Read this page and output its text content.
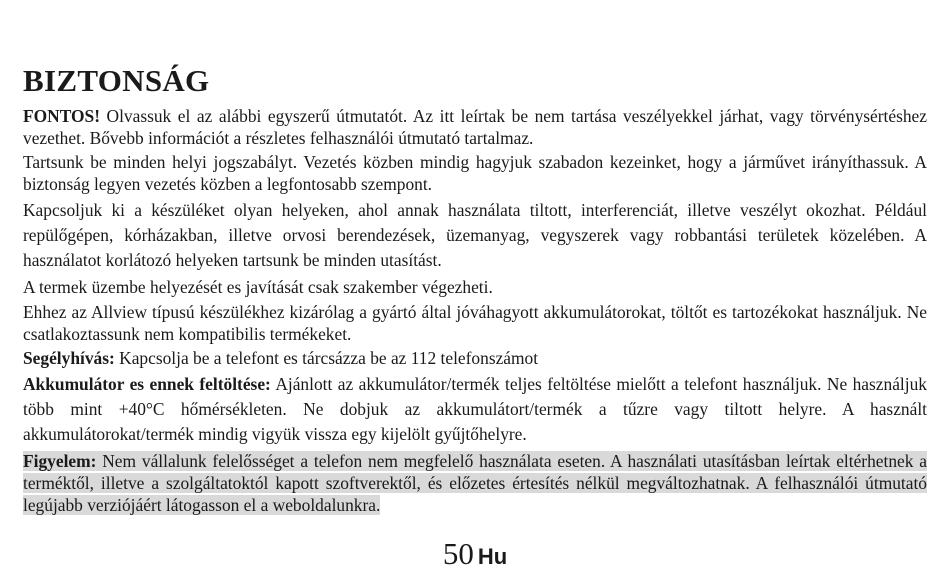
BIZTONSÁG

FONTOS! Olvassuk el az alábbi egyszerű útmutatót. Az itt leírtak be nem tartása veszélyekkel járhat, vagy törvénysértéshez vezethet. Bővebb információt a részletes felhasználói útmutató tartalmaz.

Tartsunk be minden helyi jogszabályt. Vezetés közben mindig hagyjuk szabadon kezeinket, hogy a járművet irányíthassuk. A biztonság legyen vezetés közben a legfontosabb szempont.

Kapcsoljuk ki a készüléket olyan helyeken, ahol annak használata tiltott, interferenciát, illetve veszélyt okozhat. Például repülőgépen, kórházakban, illetve orvosi berendezések, üzemanyag, vegyszerek vagy robbantási területek közelében. A használatot korlátozó helyeken tartsunk be minden utasítást.

A termek üzembe helyezését es javítását csak szakember végezheti.

Ehhez az Allview típusú készülékhez kizárólag a gyártó által jóváhagyott akkumulátorokat, töltőt es tartozékokat használjuk. Ne csatlakoztassunk nem kompatibilis termékeket.

Segélyhívás: Kapcsolja be a telefont es tárcsázza be az 112 telefonszámot

Akkumulátor es ennek feltöltése: Ajánlott az akkumulátor/termék teljes feltöltése mielőtt a telefont használjuk. Ne használjuk több mint +40°C hőmérsékleten. Ne dobjuk az akkumulátort/termék a tűzre vagy tiltott helyre. A használt akkumulátorokat/termék mindig vigyük vissza egy kijelölt gyűjtőhelyre.

Figyelem: Nem vállalunk felelősséget a telefon nem megfelelő használata eseten. A használati utasításban leírtak eltérhetnek a terméktől, illetve a szolgáltatoktól kapott szoftverektől, és előzetes értesítés nélkül megváltozhatnak. A felhasználói útmutató legújabb verziójáért látogasson el a weboldalunkra.

50 Hu
